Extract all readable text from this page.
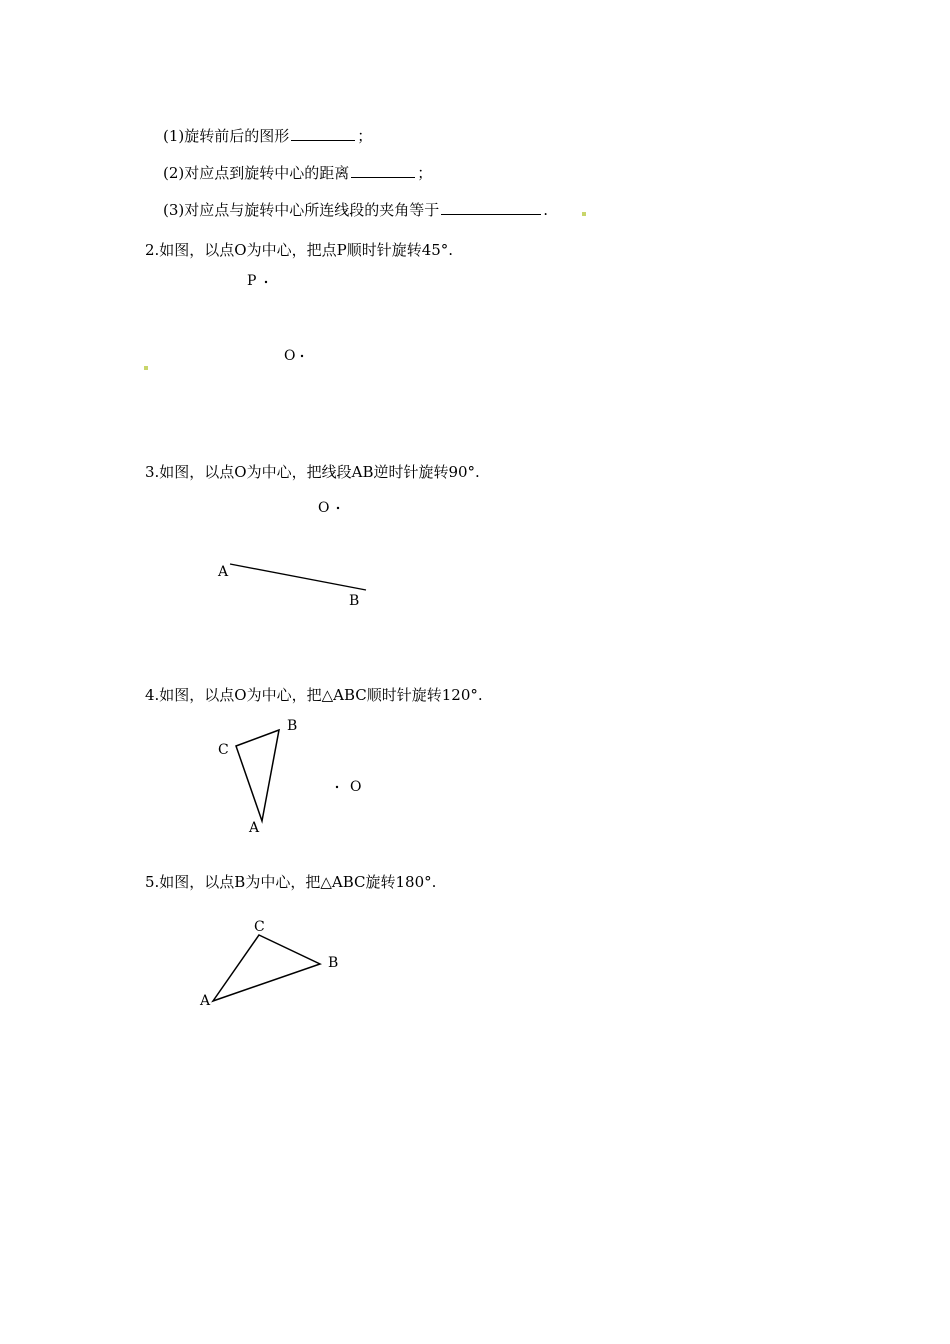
(1)旋转前后的图形	；
(2)对应点到旋转中心的距离	；
(3)对应点与旋转中心所连线段的夹角等于	.
2.如图，以点O为中心，把点P顺时针旋转45°.
P
O
3.如图，以点O为中心，把线段AB逆时针旋转90°.
O
A
B
4.如图，以点O为中心，把△ABC顺时针旋转120°.
B
C
A
O
5.如图，以点B为中心，把△ABC旋转180°.
C
B
A
